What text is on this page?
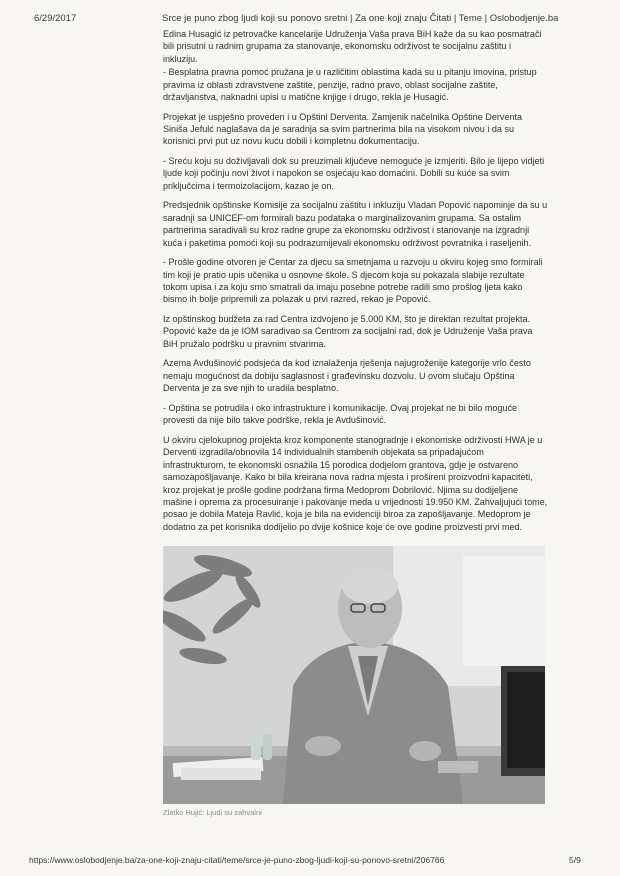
6/29/2017	Srce je puno zbog ljudi koji su ponovo sretni | Za one koji znaju Čitati | Teme | Oslobodjenje.ba

Edina Husagić iz petrovačke kancelarije Udruženja Vaša prava BiH kaže da su kao posmatrači bili prisutni u radnim grupama za stanovanje, ekonomsku održivost te socijalnu zaštitu i inkluziju.

- Besplatna pravna pomoć pružana je u različitim oblastima kada su u pitanju imovina, pristup pravima iz oblasti zdravstvene zaštite, penzije, radno pravo, oblast socijalne zaštite, državljanstva, naknadni upisi u matične knjige i drugo, rekla je Husagić.

Projekat je uspješno proveden i u Opštini Derventa. Zamjenik načelnika Opštine Derventa Siniša Jefulć naglašava da je saradnja sa svim partnerima bila na visokom nivou i da su korisnici prvi put uz novu kuću dobili i kompletnu dokumentaciju.

- Sreću koju su doživljavali dok su preuzimali ključeve nemoguće je izmjeriti. Bilo je lijepo vidjeti ljude koji počinju novi život i napokon se osjećaju kao domaćini. Dobili su kuće sa svim priključcima i termoizolacijom, kazao je on.

Predsjednik opštinske Komisije za socijalnu zaštitu i inkluziju Vladan Popović napominje da su u saradnji sa UNICEF-om formirali bazu podataka o marginalizovanim grupama. Sa ostalim partnerima saradivali su kroz radne grupe za ekonomsku održivost i stanovanje na izgradnji kuća i paketima pomoći koji su podrazumijevali ekonomsku održivost povratnika i raseljenih.

- Prošle godine otvoren je Centar za djecu sa smetnjama u razvoju u okviru kojeg smo formirali tim koji je pratio upis učenika u osnovne škole. S djecom koja su pokazala slabije rezultate tokom upisa i za koju smo smatrali da imaju posebne potrebe radili smo prošlog ljeta kako bismo ih bolje pripremili za polazak u prvi razred, rekao je Popović.

Iz opštinskog budžeta za rad Centra izdvojeno je 5.000 KM, što je direktan rezultat projekta. Popović kaže da je IOM saradivao sa Centrom za socijalni rad, dok je Udruženje Vaša prava BiH pružalo podršku u pravnim stvarima.

Azema Avdušinović podsjeća da kod iznalaženja rješenja najugroženije kategorije vrlo često nemaju mogućnost da dobiju saglasnost i građevinsku dozvolu. U ovom slučaju Opština Derventa je za sve njih to uradila besplatno.

- Opština se potrudila i oko infrastrukture i komunikacije. Ovaj projekat ne bi bilo moguće provesti da nije bilo takve podrške, rekla je Avdušinović.

U okviru cjelokupnog projekta kroz komponente stanogradnje i ekonomske održivosti HWA je u Derventi izgradila/obnovila 14 individualnih stambenih objekata sa pripadajućom infrastrukturom, te ekonomski osnažila 15 porodica dodjelom grantova, gdje je ostvareno samozapošljavanje. Kako bi bila kreirana nova radna mjesta i prošireni proizvodni kapaciteti, kroz projekat je prošle godine podržana firma Medoprom Dobrilović. Njima su dodijeljene mašine i oprema za procesuiranje i pakovanje meda u vrijednosti 19.950 KM. Zahvaljujući tome, posao je dobila Mateja Ravlić, koja je bila na evidenciji biroa za zapošljavanje. Medoprom je dodatno za pet korisnika dodijelio po dvije košnice koje će ove godine proizvesti prvi med.

Zlatko Hujić: Ljudi su zahvalni
https://www.oslobodjenje.ba/za-one-koji-znaju-citati/teme/srce-je-puno-zbog-ljudi-koji-su-ponovo-sretni/206766	5/9
